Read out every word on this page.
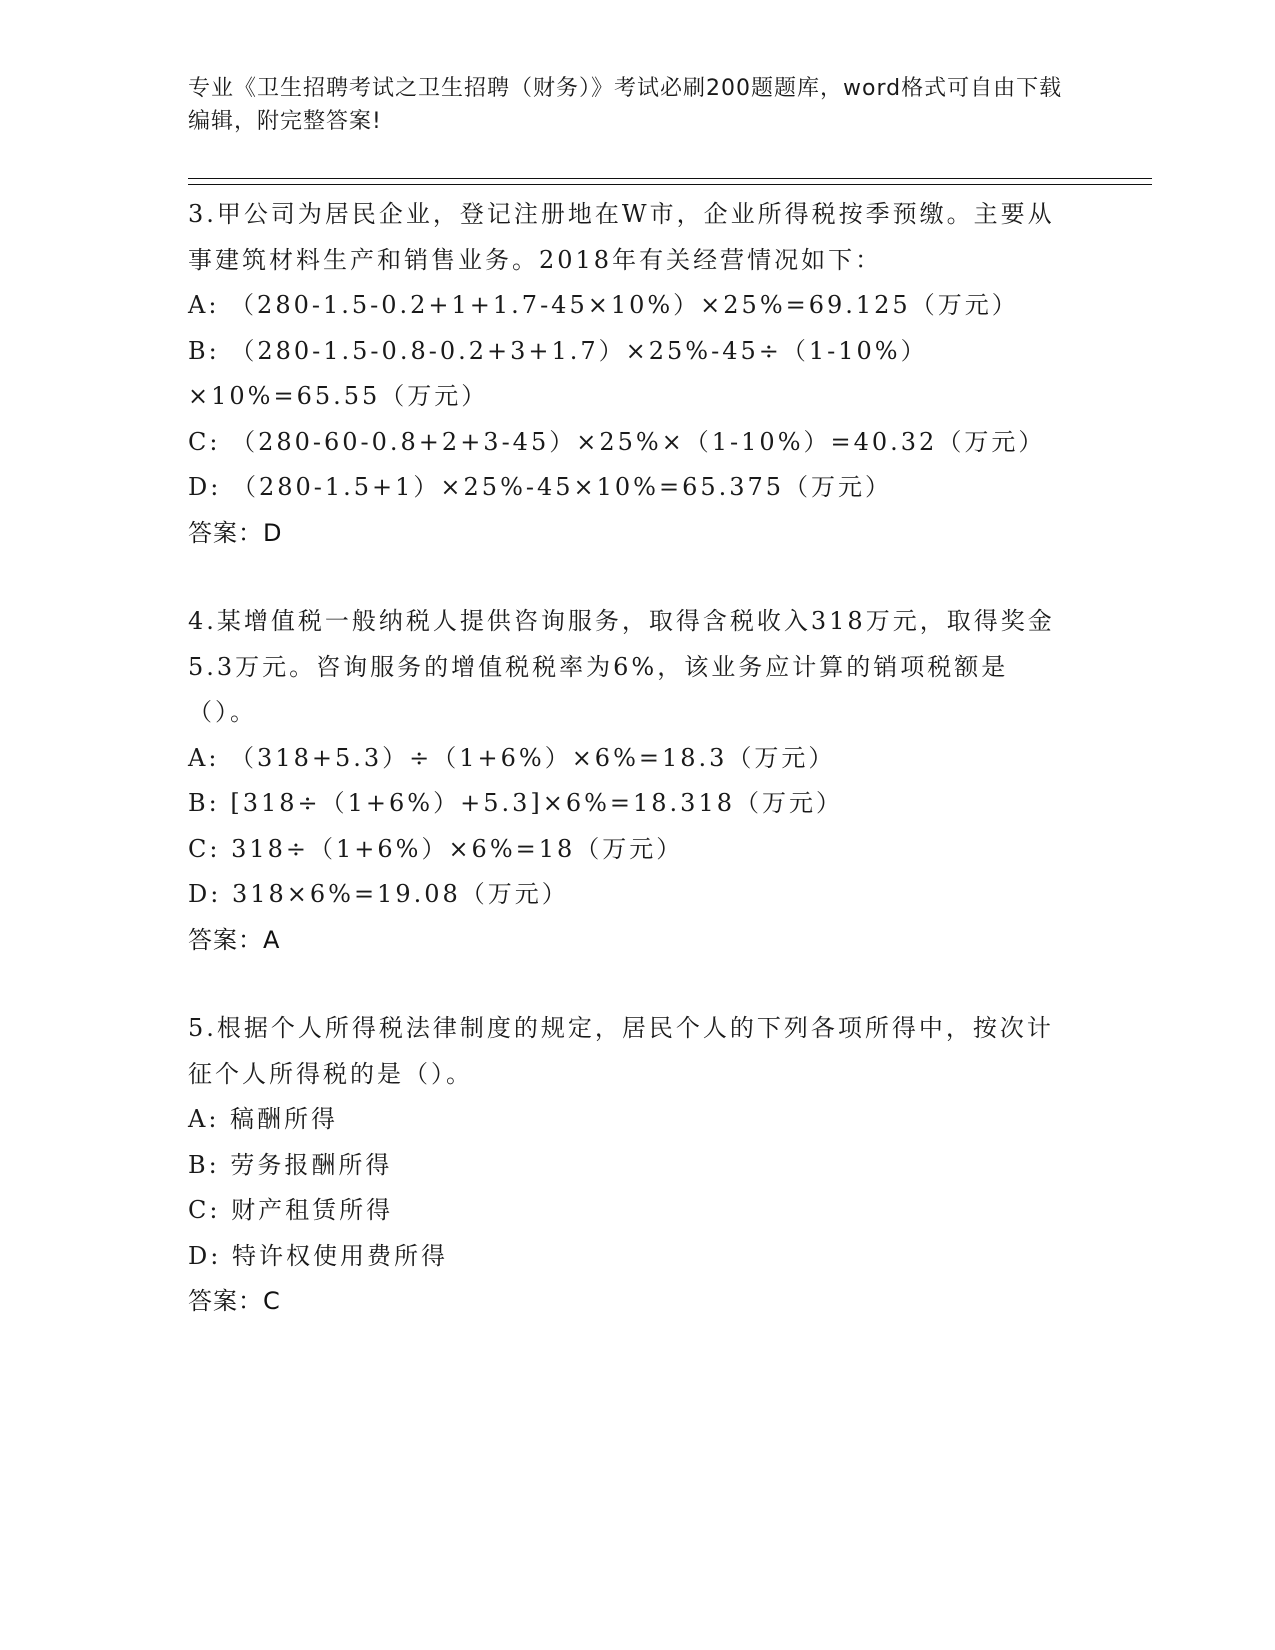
专业《卫生招聘考试之卫生招聘（财务）》考试必刷200题题库，word格式可自由下载编辑，附完整答案!
3.甲公司为居民企业，登记注册地在W市，企业所得税按季预缴。主要从事建筑材料生产和销售业务。2018年有关经营情况如下：
A: （280-1.5-0.2+1+1.7-45×10%）×25%=69.125（万元）
B: （280-1.5-0.8-0.2+3+1.7）×25%-45÷（1-10%）×10%=65.55（万元）
C: （280-60-0.8+2+3-45）×25%×（1-10%）=40.32（万元）
D: （280-1.5+1）×25%-45×10%=65.375（万元）
答案：D
4.某增值税一般纳税人提供咨询服务，取得含税收入318万元，取得奖金5.3万元。咨询服务的增值税税率为6%，该业务应计算的销项税额是（）。
A: （318+5.3）÷（1+6%）×6%=18.3（万元）
B: [318÷（1+6%）+5.3]×6%=18.318（万元）
C: 318÷（1+6%）×6%=18（万元）
D: 318×6%=19.08（万元）
答案：A
5.根据个人所得税法律制度的规定，居民个人的下列各项所得中，按次计征个人所得税的是（）。
A: 稿酬所得
B: 劳务报酬所得
C: 财产租赁所得
D: 特许权使用费所得
答案：C
